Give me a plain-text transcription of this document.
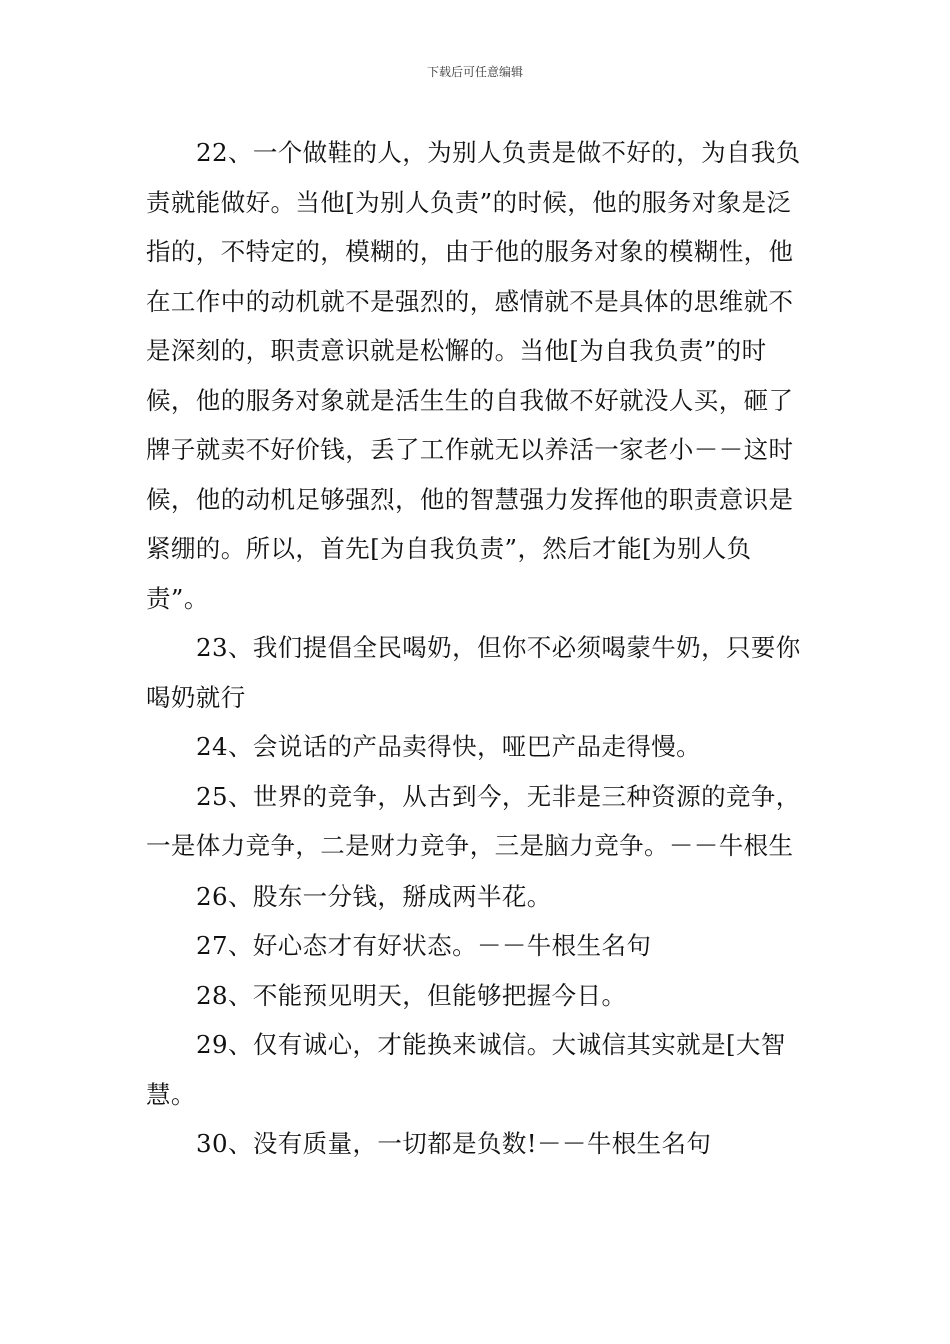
下载后可任意编辑

22、一个做鞋的人，为别人负责是做不好的，为自我负责就能做好。当他[为别人负责”的时候，他的服务对象是泛指的，不特定的，模糊的，由于他的服务对象的模糊性，他在工作中的动机就不是强烈的，感情就不是具体的思维就不是深刻的，职责意识就是松懈的。当他[为自我负责”的时候，他的服务对象就是活生生的自我做不好就没人买，砸了牌子就卖不好价钱，丢了工作就无以养活一家老小－－这时候，他的动机足够强烈，他的智慧强力发挥他的职责意识是紧绷的。所以，首先[为自我负责”，然后才能[为别人负责”。

23、我们提倡全民喝奶，但你不必须喝蒙牛奶，只要你喝奶就行

24、会说话的产品卖得快，哑巴产品走得慢。

25、世界的竞争，从古到今，无非是三种资源的竞争，一是体力竞争，二是财力竞争，三是脑力竞争。－－牛根生

26、股东一分钱，掰成两半花。

27、好心态才有好状态。－－牛根生名句

28、不能预见明天，但能够把握今日。

29、仅有诚心，才能换来诚信。大诚信其实就是[大智慧。

30、没有质量，一切都是负数!－－牛根生名句
